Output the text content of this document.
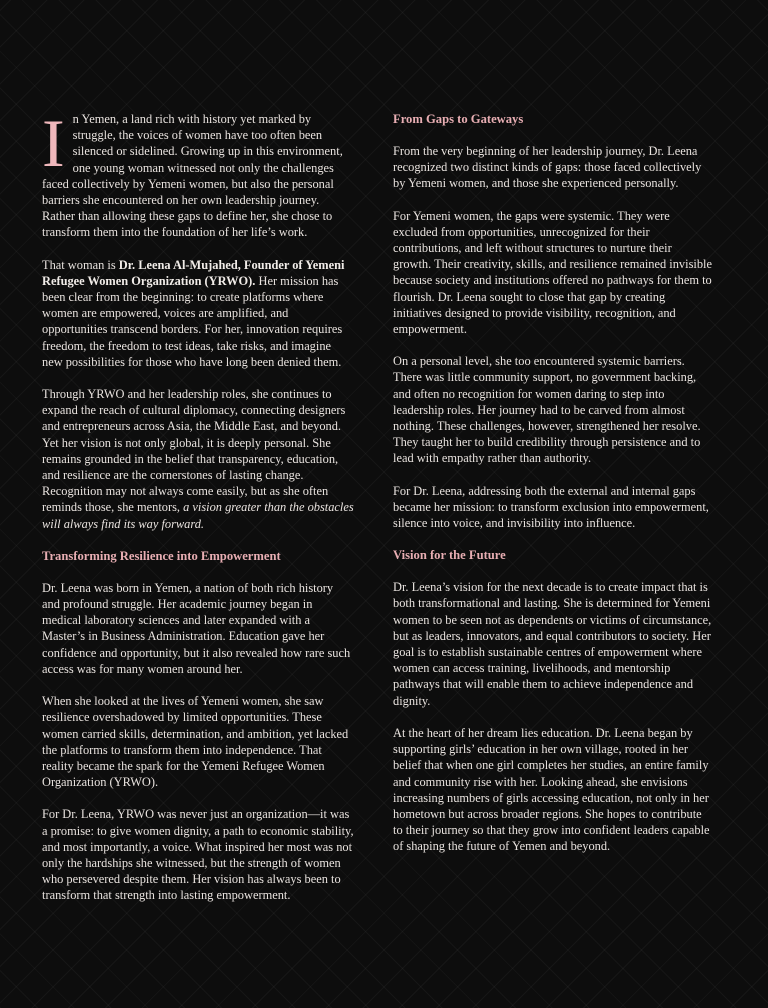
In Yemen, a land rich with history yet marked by struggle, the voices of women have too often been silenced or sidelined. Growing up in this environment, one young woman witnessed not only the challenges faced collectively by Yemeni women, but also the personal barriers she encountered on her own leadership journey. Rather than allowing these gaps to define her, she chose to transform them into the foundation of her life’s work.

That woman is Dr. Leena Al-Mujahed, Founder of Yemeni Refugee Women Organization (YRWO). Her mission has been clear from the beginning: to create platforms where women are empowered, voices are amplified, and opportunities transcend borders. For her, innovation requires freedom, the freedom to test ideas, take risks, and imagine new possibilities for those who have long been denied them.

Through YRWO and her leadership roles, she continues to expand the reach of cultural diplomacy, connecting designers and entrepreneurs across Asia, the Middle East, and beyond. Yet her vision is not only global, it is deeply personal. She remains grounded in the belief that transparency, education, and resilience are the cornerstones of lasting change. Recognition may not always come easily, but as she often reminds those, she mentors, a vision greater than the obstacles will always find its way forward.

Transforming Resilience into Empowerment

Dr. Leena was born in Yemen, a nation of both rich history and profound struggle. Her academic journey began in medical laboratory sciences and later expanded with a Master’s in Business Administration. Education gave her confidence and opportunity, but it also revealed how rare such access was for many women around her.

When she looked at the lives of Yemeni women, she saw resilience overshadowed by limited opportunities. These women carried skills, determination, and ambition, yet lacked the platforms to transform them into independence. That reality became the spark for the Yemeni Refugee Women Organization (YRWO).

For Dr. Leena, YRWO was never just an organization—it was a promise: to give women dignity, a path to economic stability, and most importantly, a voice. What inspired her most was not only the hardships she witnessed, but the strength of women who persevered despite them. Her vision has always been to transform that strength into lasting empowerment.

From Gaps to Gateways

From the very beginning of her leadership journey, Dr. Leena recognized two distinct kinds of gaps: those faced collectively by Yemeni women, and those she experienced personally.

For Yemeni women, the gaps were systemic. They were excluded from opportunities, unrecognized for their contributions, and left without structures to nurture their growth. Their creativity, skills, and resilience remained invisible because society and institutions offered no pathways for them to flourish. Dr. Leena sought to close that gap by creating initiatives designed to provide visibility, recognition, and empowerment.

On a personal level, she too encountered systemic barriers. There was little community support, no government backing, and often no recognition for women daring to step into leadership roles. Her journey had to be carved from almost nothing. These challenges, however, strengthened her resolve. They taught her to build credibility through persistence and to lead with empathy rather than authority.

For Dr. Leena, addressing both the external and internal gaps became her mission: to transform exclusion into empowerment, silence into voice, and invisibility into influence.

Vision for the Future

Dr. Leena’s vision for the next decade is to create impact that is both transformational and lasting. She is determined for Yemeni women to be seen not as dependents or victims of circumstance, but as leaders, innovators, and equal contributors to society. Her goal is to establish sustainable centres of empowerment where women can access training, livelihoods, and mentorship pathways that will enable them to achieve independence and dignity.

At the heart of her dream lies education. Dr. Leena began by supporting girls’ education in her own village, rooted in her belief that when one girl completes her studies, an entire family and community rise with her. Looking ahead, she envisions increasing numbers of girls accessing education, not only in her hometown but across broader regions. She hopes to contribute to their journey so that they grow into confident leaders capable of shaping the future of Yemen and beyond.
